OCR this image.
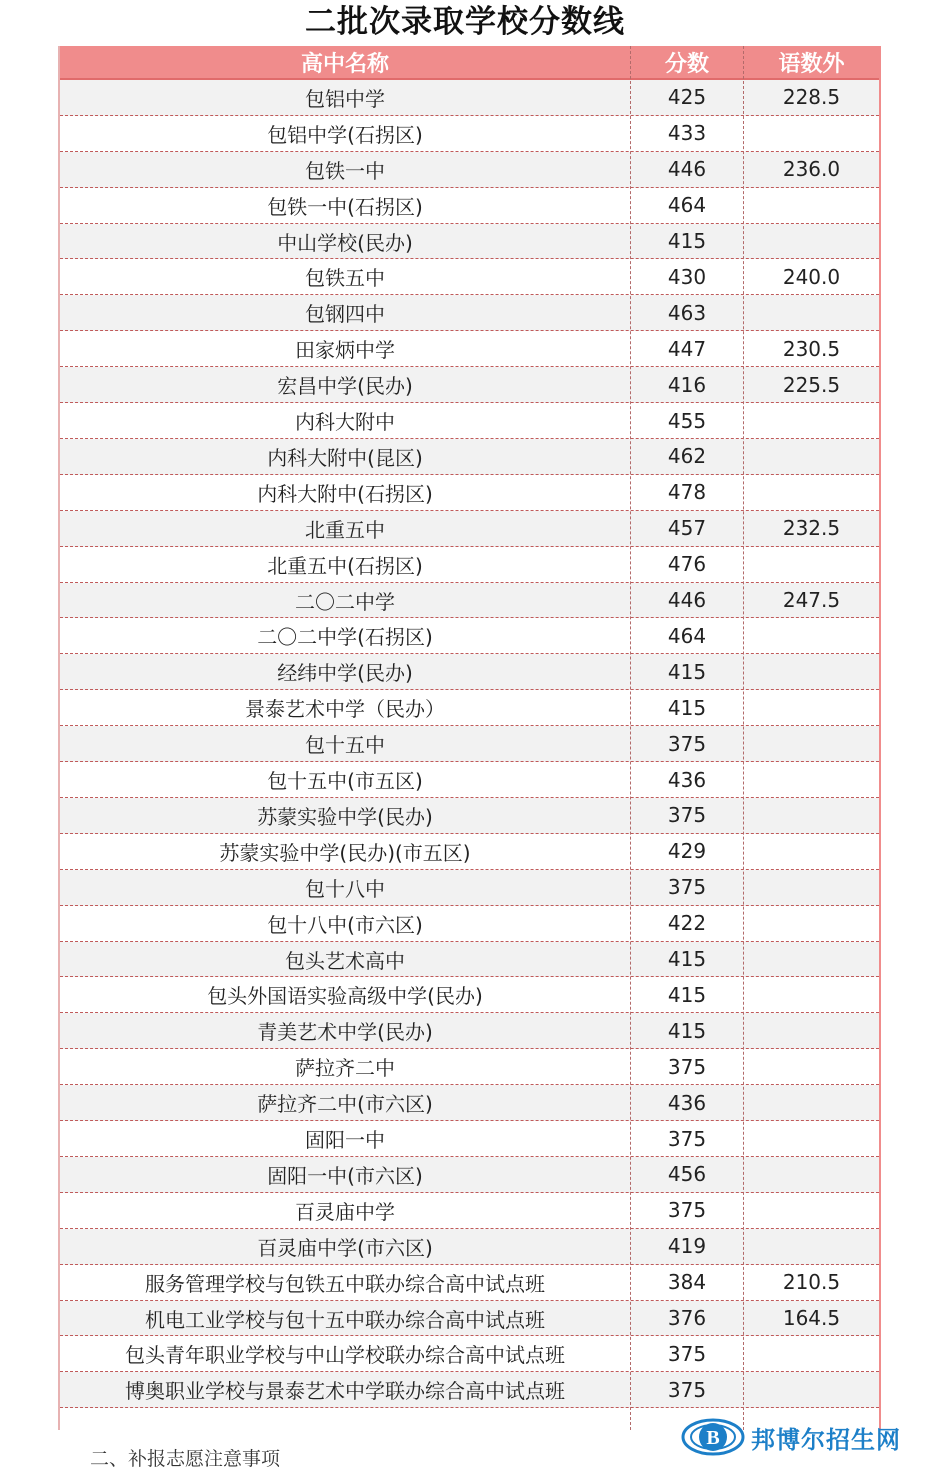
二批次录取学校分数线
高中名称	分数	语数外
包铝中学	425	228.5
包铝中学(石拐区)	433
包铁一中	446	236.0
包铁一中(石拐区)	464
中山学校(民办)	415
包铁五中	430	240.0
包钢四中	463
田家炳中学	447	230.5
宏昌中学(民办)	416	225.5
内科大附中	455
内科大附中(昆区)	462
内科大附中(石拐区)	478
北重五中	457	232.5
北重五中(石拐区)	476
二〇二中学	446	247.5
二〇二中学(石拐区)	464
经纬中学(民办)	415
景泰艺术中学（民办）	415
包十五中	375
包十五中(市五区)	436
苏蒙实验中学(民办)	375
苏蒙实验中学(民办)(市五区)	429
包十八中	375
包十八中(市六区)	422
包头艺术高中	415
包头外国语实验高级中学(民办)	415
青美艺术中学(民办)	415
萨拉齐二中	375
萨拉齐二中(市六区)	436
固阳一中	375
固阳一中(市六区)	456
百灵庙中学	375
百灵庙中学(市六区)	419
服务管理学校与包铁五中联办综合高中试点班	384	210.5
机电工业学校与包十五中联办综合高中试点班	376	164.5
包头青年职业学校与中山学校联办综合高中试点班	375
博奥职业学校与景泰艺术中学联办综合高中试点班	375
二、补报志愿注意事项
B 邦博尔招生网
